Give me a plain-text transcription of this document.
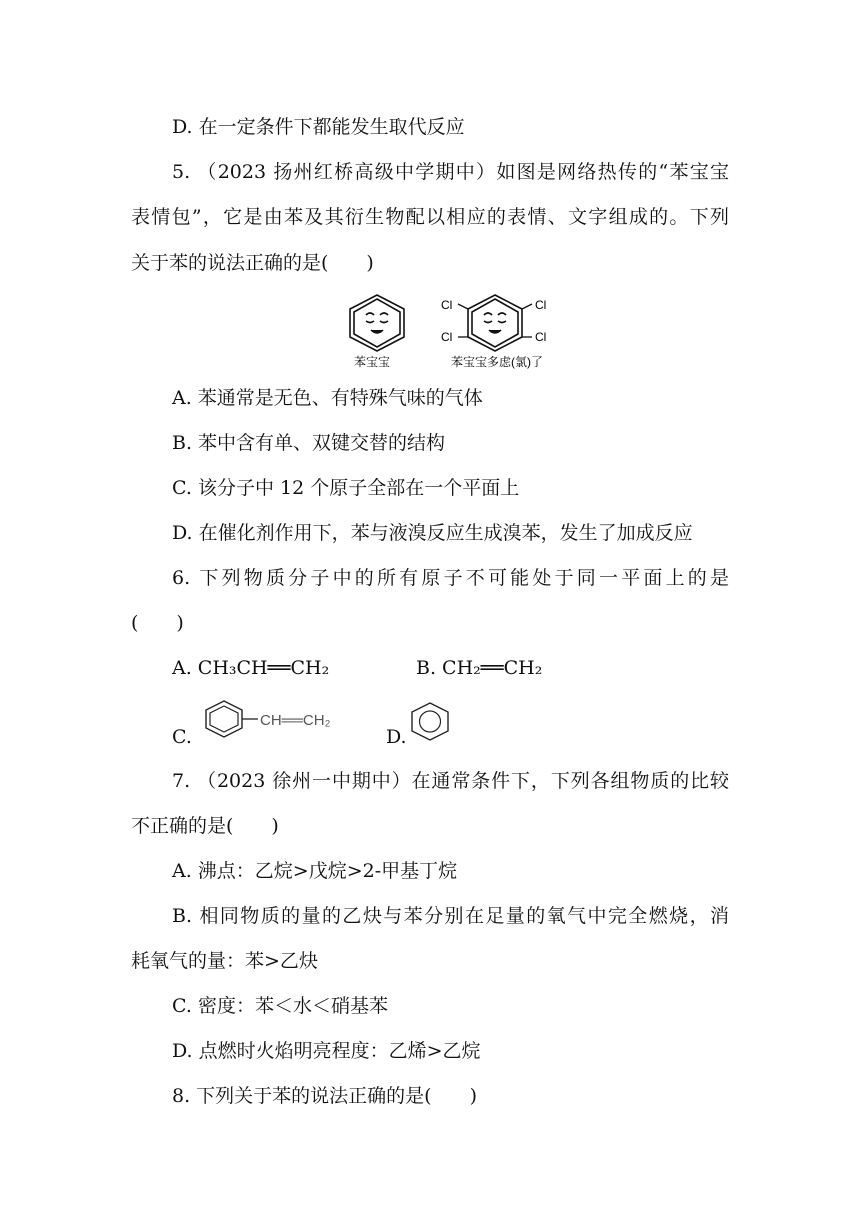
D. 在一定条件下都能发生取代反应
5. （2023 扬州红桥高级中学期中）如图是网络热传的“苯宝宝
表情包”，它是由苯及其衍生物配以相应的表情、文字组成的。下列
关于苯的说法正确的是(　　)
Cl
Cl
Cl
Cl
苯宝宝	苯宝宝多虑(氯)了
A. 苯通常是无色、有特殊气味的气体
B. 苯中含有单、双键交替的结构
C. 该分子中 12 个原子全部在一个平面上
D. 在催化剂作用下，苯与液溴反应生成溴苯，发生了加成反应
6. 下列物质分子中的所有原子不可能处于同一平面上的是
(　　)
A. CH₃CH══CH₂	B. CH₂══CH₂
C.
CH══CH₂
D.
7. （2023 徐州一中期中）在通常条件下，下列各组物质的比较
不正确的是(　　)
A. 沸点：乙烷>戊烷>2-甲基丁烷
B. 相同物质的量的乙炔与苯分别在足量的氧气中完全燃烧，消
耗氧气的量：苯>乙炔
C. 密度：苯＜水＜硝基苯
D. 点燃时火焰明亮程度：乙烯>乙烷
8. 下列关于苯的说法正确的是(　　)
